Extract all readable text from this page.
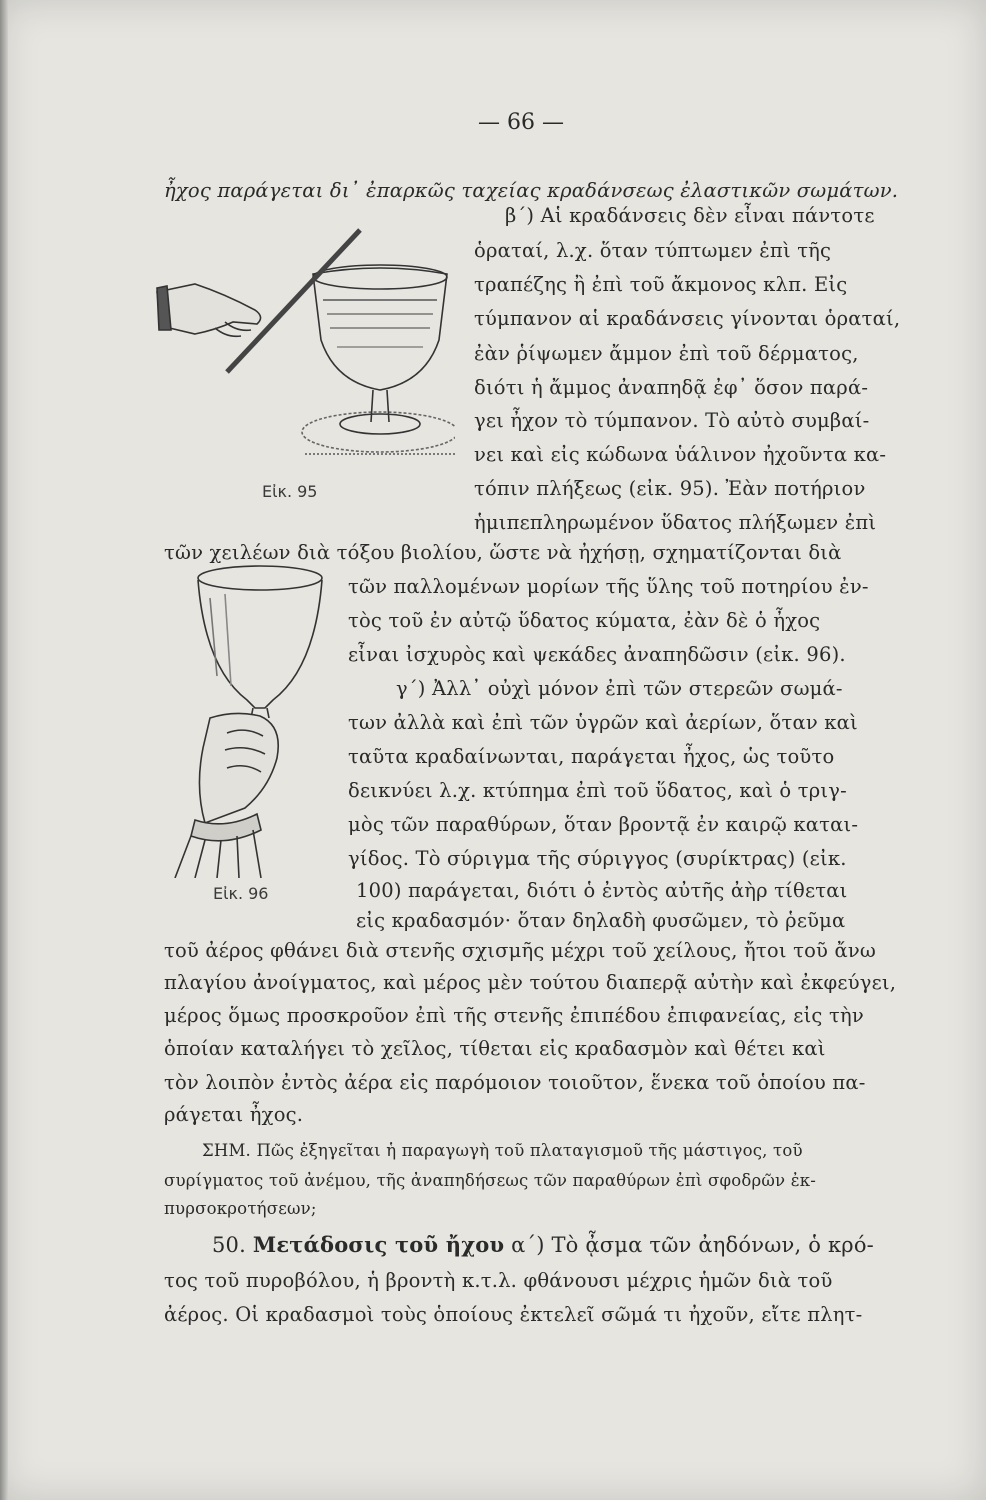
— 66 —
Εἰκ. 95
Εἰκ. 96
ἦχος παράγεται δι᾽ ἐπαρκῶς ταχείας κραδάνσεως ἐλαστικῶν σωμάτων.
β´) Αἱ κραδάνσεις δὲν εἶναι πάντοτε
ὁραταί, λ.χ. ὅταν τύπτωμεν ἐπὶ τῆς
τραπέζης ἢ ἐπὶ τοῦ ἄκμονος κλπ. Εἰς
τύμπανον αἱ κραδάνσεις γίνονται ὁραταί,
ἐὰν ῥίψωμεν ἄμμον ἐπὶ τοῦ δέρματος,
διότι ἡ ἄμμος ἀναπηδᾷ ἐφ᾽ ὅσον παρά-
γει ἦχον τὸ τύμπανον. Τὸ αὐτὸ συμβαί-
νει καὶ εἰς κώδωνα ὑάλινον ἠχοῦντα κα-
τόπιν πλήξεως (εἰκ. 95). Ἐὰν ποτήριον
ἡμιπεπληρωμένον ὕδατος πλήξωμεν ἐπὶ
τῶν χειλέων διὰ τόξου βιολίου, ὥστε νὰ ἠχήσῃ, σχηματίζονται διὰ
τῶν παλλομένων μορίων τῆς ὕλης τοῦ ποτηρίου ἐν-
τὸς τοῦ ἐν αὐτῷ ὕδατος κύματα, ἐὰν δὲ ὁ ἦχος
εἶναι ἰσχυρὸς καὶ ψεκάδες ἀναπηδῶσιν (εἰκ. 96).
γ´) Ἀλλ᾽ οὐχὶ μόνον ἐπὶ τῶν στερεῶν σωμά-
των ἀλλὰ καὶ ἐπὶ τῶν ὑγρῶν καὶ ἀερίων, ὅταν καὶ
ταῦτα κραδαίνωνται, παράγεται ἦχος, ὡς τοῦτο
δεικνύει λ.χ. κτύπημα ἐπὶ τοῦ ὕδατος, καὶ ὁ τριγ-
μὸς τῶν παραθύρων, ὅταν βροντᾷ ἐν καιρῷ καται-
γίδος. Τὸ σύριγμα τῆς σύριγγος (συρίκτρας) (εἰκ.
100) παράγεται, διότι ὁ ἐντὸς αὐτῆς ἀὴρ τίθεται
εἰς κραδασμόν· ὅταν δηλαδὴ φυσῶμεν, τὸ ῥεῦμα
τοῦ ἀέρος φθάνει διὰ στενῆς σχισμῆς μέχρι τοῦ χείλους, ἤτοι τοῦ ἄνω
πλαγίου ἀνοίγματος, καὶ μέρος μὲν τούτου διαπερᾷ αὐτὴν καὶ ἐκφεύγει,
μέρος ὅμως προσκροῦον ἐπὶ τῆς στενῆς ἐπιπέδου ἐπιφανείας, εἰς τὴν
ὁποίαν καταλήγει τὸ χεῖλος, τίθεται εἰς κραδασμὸν καὶ θέτει καὶ
τὸν λοιπὸν ἐντὸς ἀέρα εἰς παρόμοιον τοιοῦτον, ἕνεκα τοῦ ὁποίου πα-
ράγεται ἦχος.
ΣΗΜ. Πῶς ἐξηγεῖται ἡ παραγωγὴ τοῦ πλαταγισμοῦ τῆς μάστιγος, τοῦ
συρίγματος τοῦ ἀνέμου, τῆς ἀναπηδήσεως τῶν παραθύρων ἐπὶ σφοδρῶν ἐκ-
πυρσοκροτήσεων;
50. Μετάδοσις τοῦ ἤχου α´) Τὸ ᾆσμα τῶν ἀηδόνων, ὁ κρό-
τος τοῦ πυροβόλου, ἡ βροντὴ κ.τ.λ. φθάνουσι μέχρις ἡμῶν διὰ τοῦ
ἀέρος. Οἱ κραδασμοὶ τοὺς ὁποίους ἐκτελεῖ σῶμά τι ἠχοῦν, εἴτε πλητ-
